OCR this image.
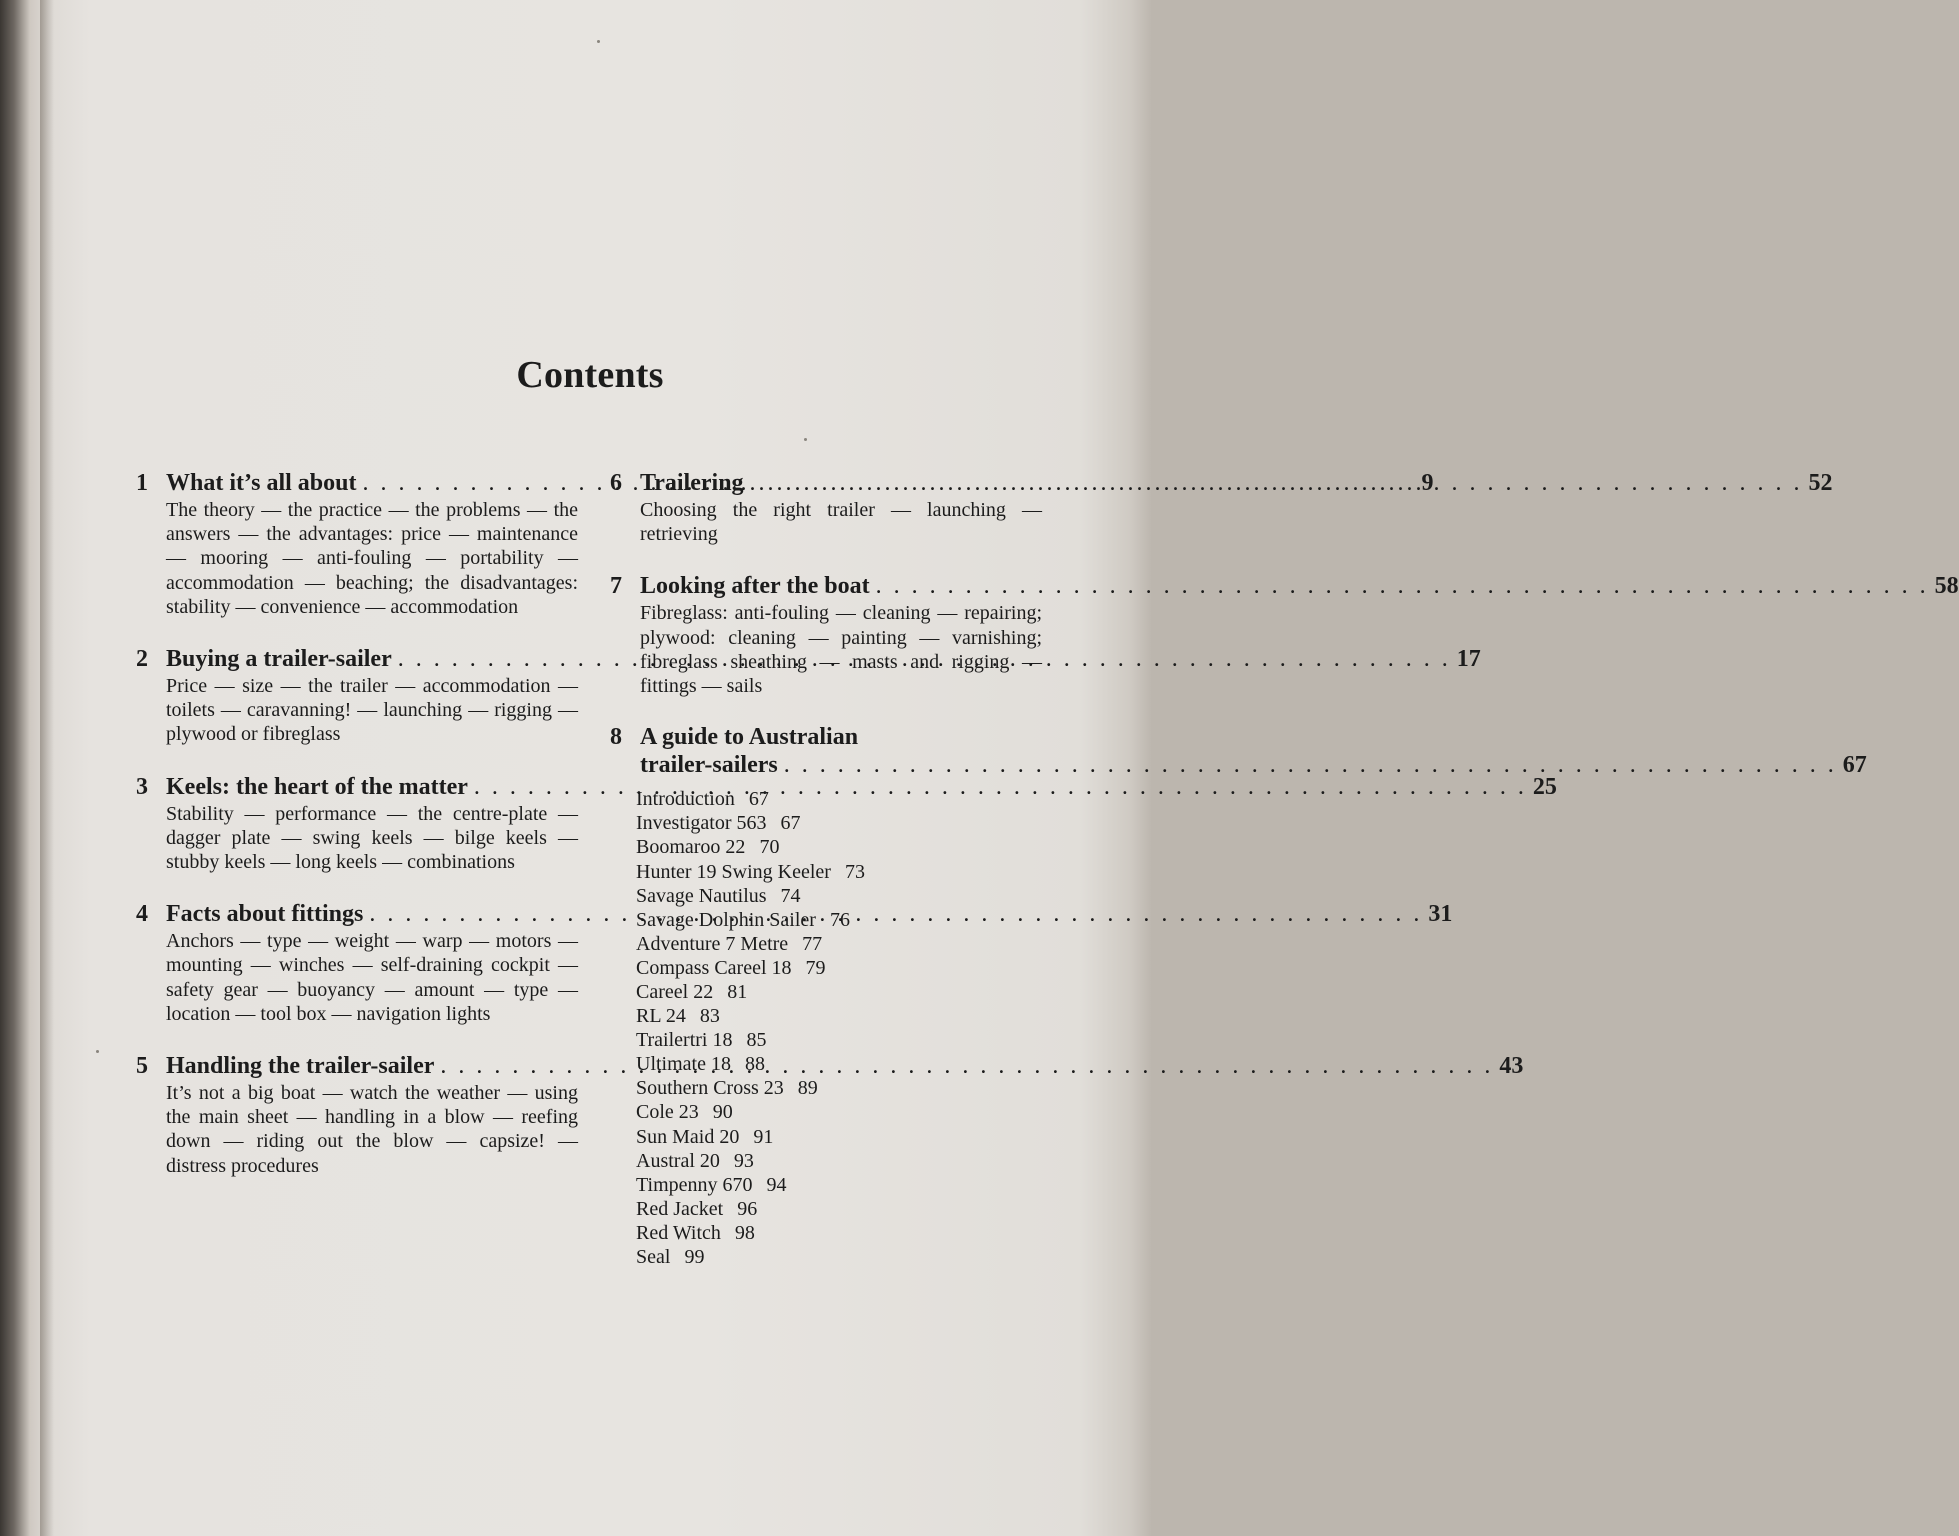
Contents
1 What it’s all about . . .	9
The theory — the practice — the problems — the answers — the advantages: price — maintenance — mooring — anti-fouling — portability — accommodation — beaching; the disadvantages: stability — convenience — accommodation
2 Buying a trailer-sailer . . .	17
Price — size — the trailer — accommodation — toilets — caravanning! — launching — rigging — plywood or fibreglass
3 Keels: the heart of the matter . . .	25
Stability — performance — the centre-plate — dagger plate — swing keels — bilge keels — stubby keels — long keels — combinations
4 Facts about fittings . . .	31
Anchors — type — weight — warp — motors — mounting — winches — self-draining cockpit — safety gear — buoyancy — amount — type — location — tool box — navigation lights
5 Handling the trailer-sailer . . .	43
It’s not a big boat — watch the weather — using the main sheet — handling in a blow — reefing down — riding out the blow — capsize! — distress procedures
6 Trailering . . .	52
Choosing the right trailer — launching — retrieving
7 Looking after the boat . . .	58
Fibreglass: anti-fouling — cleaning — repairing; plywood: cleaning — painting — varnishing; fibreglass sheathing — masts and rigging — fittings — sails
8 A guide to Australian
trailer-sailers . . .	67
Introduction 67
Investigator 563 67
Boomaroo 22 70
Hunter 19 Swing Keeler 73
Savage Nautilus 74
Savage Dolphin Sailer 76
Adventure 7 Metre 77
Compass Careel 18 79
Careel 22 81
RL 24 83
Trailertri 18 85
Ultimate 18 88
Southern Cross 23 89
Cole 23 90
Sun Maid 20 91
Austral 20 93
Timpenny 670 94
Red Jacket 96
Red Witch 98
Seal 99
